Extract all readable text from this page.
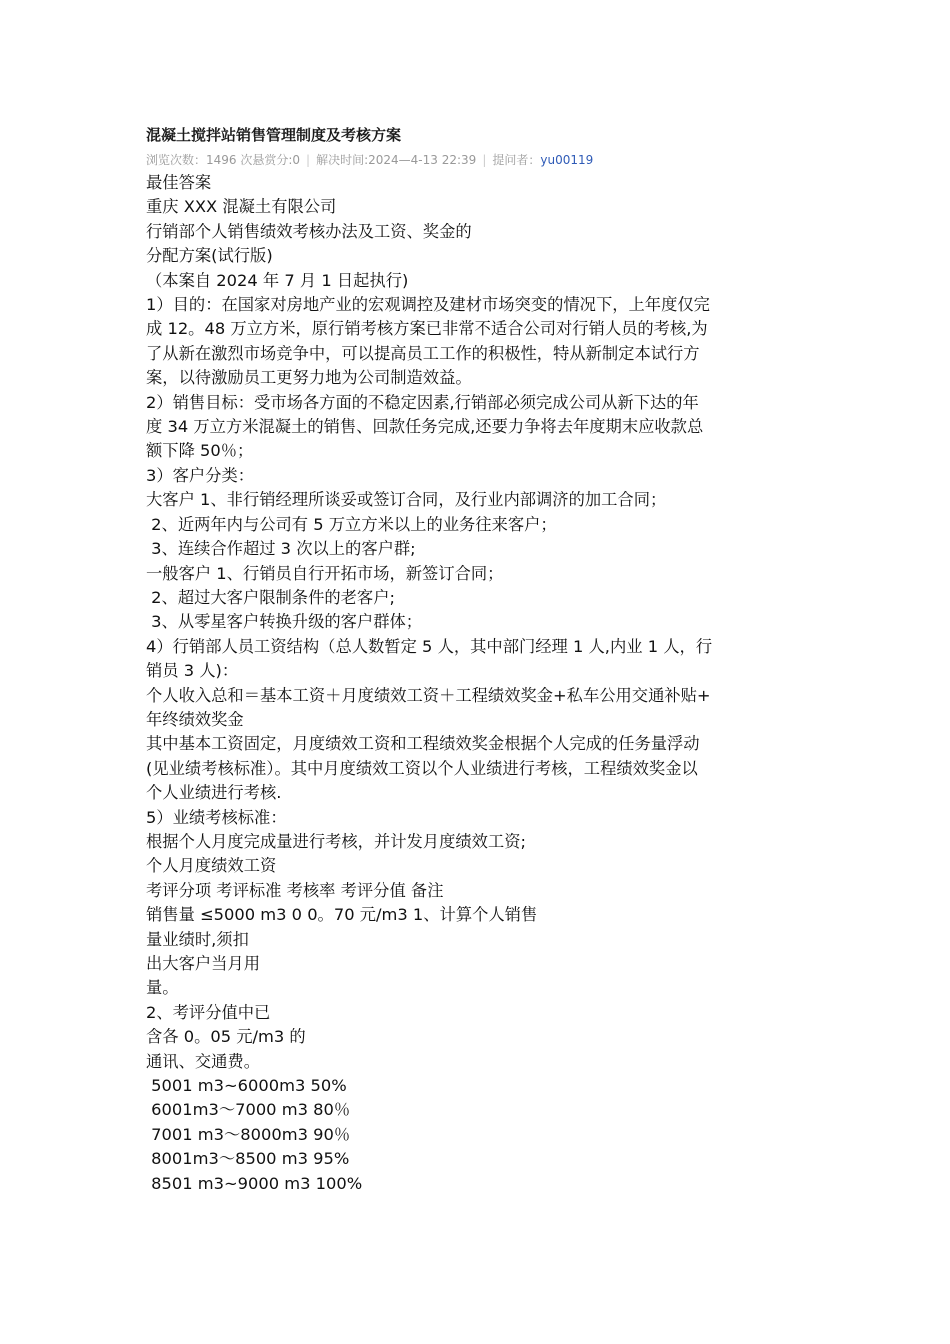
混凝土搅拌站销售管理制度及考核方案
浏览次数：1496 次悬赏分:0 | 解决时间:2024—4-13 22:39 | 提问者：yu00119

最佳答案

重庆 XXX 混凝土有限公司

行销部个人销售绩效考核办法及工资、奖金的

分配方案(试行版)

（本案自 2024 年 7 月 1 日起执行)

1）目的：在国家对房地产业的宏观调控及建材市场突变的情况下，上年度仅完

成 12。48 万立方米，原行销考核方案已非常不适合公司对行销人员的考核,为

了从新在激烈市场竞争中，可以提高员工工作的积极性，特从新制定本试行方

案，以待激励员工更努力地为公司制造效益。

2）销售目标：受市场各方面的不稳定因素,行销部必须完成公司从新下达的年

度 34 万立方米混凝土的销售、回款任务完成,还要力争将去年度期末应收款总

额下降 50％；

3）客户分类：

大客户 1、非行销经理所谈妥或签订合同，及行业内部调济的加工合同；

2、近两年内与公司有 5 万立方米以上的业务往来客户；

3、连续合作超过 3 次以上的客户群;

一般客户 1、行销员自行开拓市场，新签订合同；

2、超过大客户限制条件的老客户;

3、从零星客户转换升级的客户群体；

4）行销部人员工资结构（总人数暂定 5 人，其中部门经理 1 人,内业 1 人，行

销员 3 人)：

个人收入总和＝基本工资＋月度绩效工资＋工程绩效奖金+私车公用交通补贴+

年终绩效奖金

其中基本工资固定，月度绩效工资和工程绩效奖金根据个人完成的任务量浮动

(见业绩考核标准）。其中月度绩效工资以个人业绩进行考核，工程绩效奖金以

个人业绩进行考核.

5）业绩考核标准：

根据个人月度完成量进行考核，并计发月度绩效工资;

个人月度绩效工资

考评分项 考评标准 考核率 考评分值 备注

销售量 ≤5000 m3 0 0。70 元/m3 1、计算个人销售

量业绩时,须扣

出大客户当月用

量。

2、考评分值中已

含各 0。05 元/m3 的

通讯、交通费。

5001 m3~6000m3 50%

6001m3～7000 m3 80％

7001 m3～8000m3 90％

8001m3～8500 m3 95%

8501 m3~9000 m3 100%
